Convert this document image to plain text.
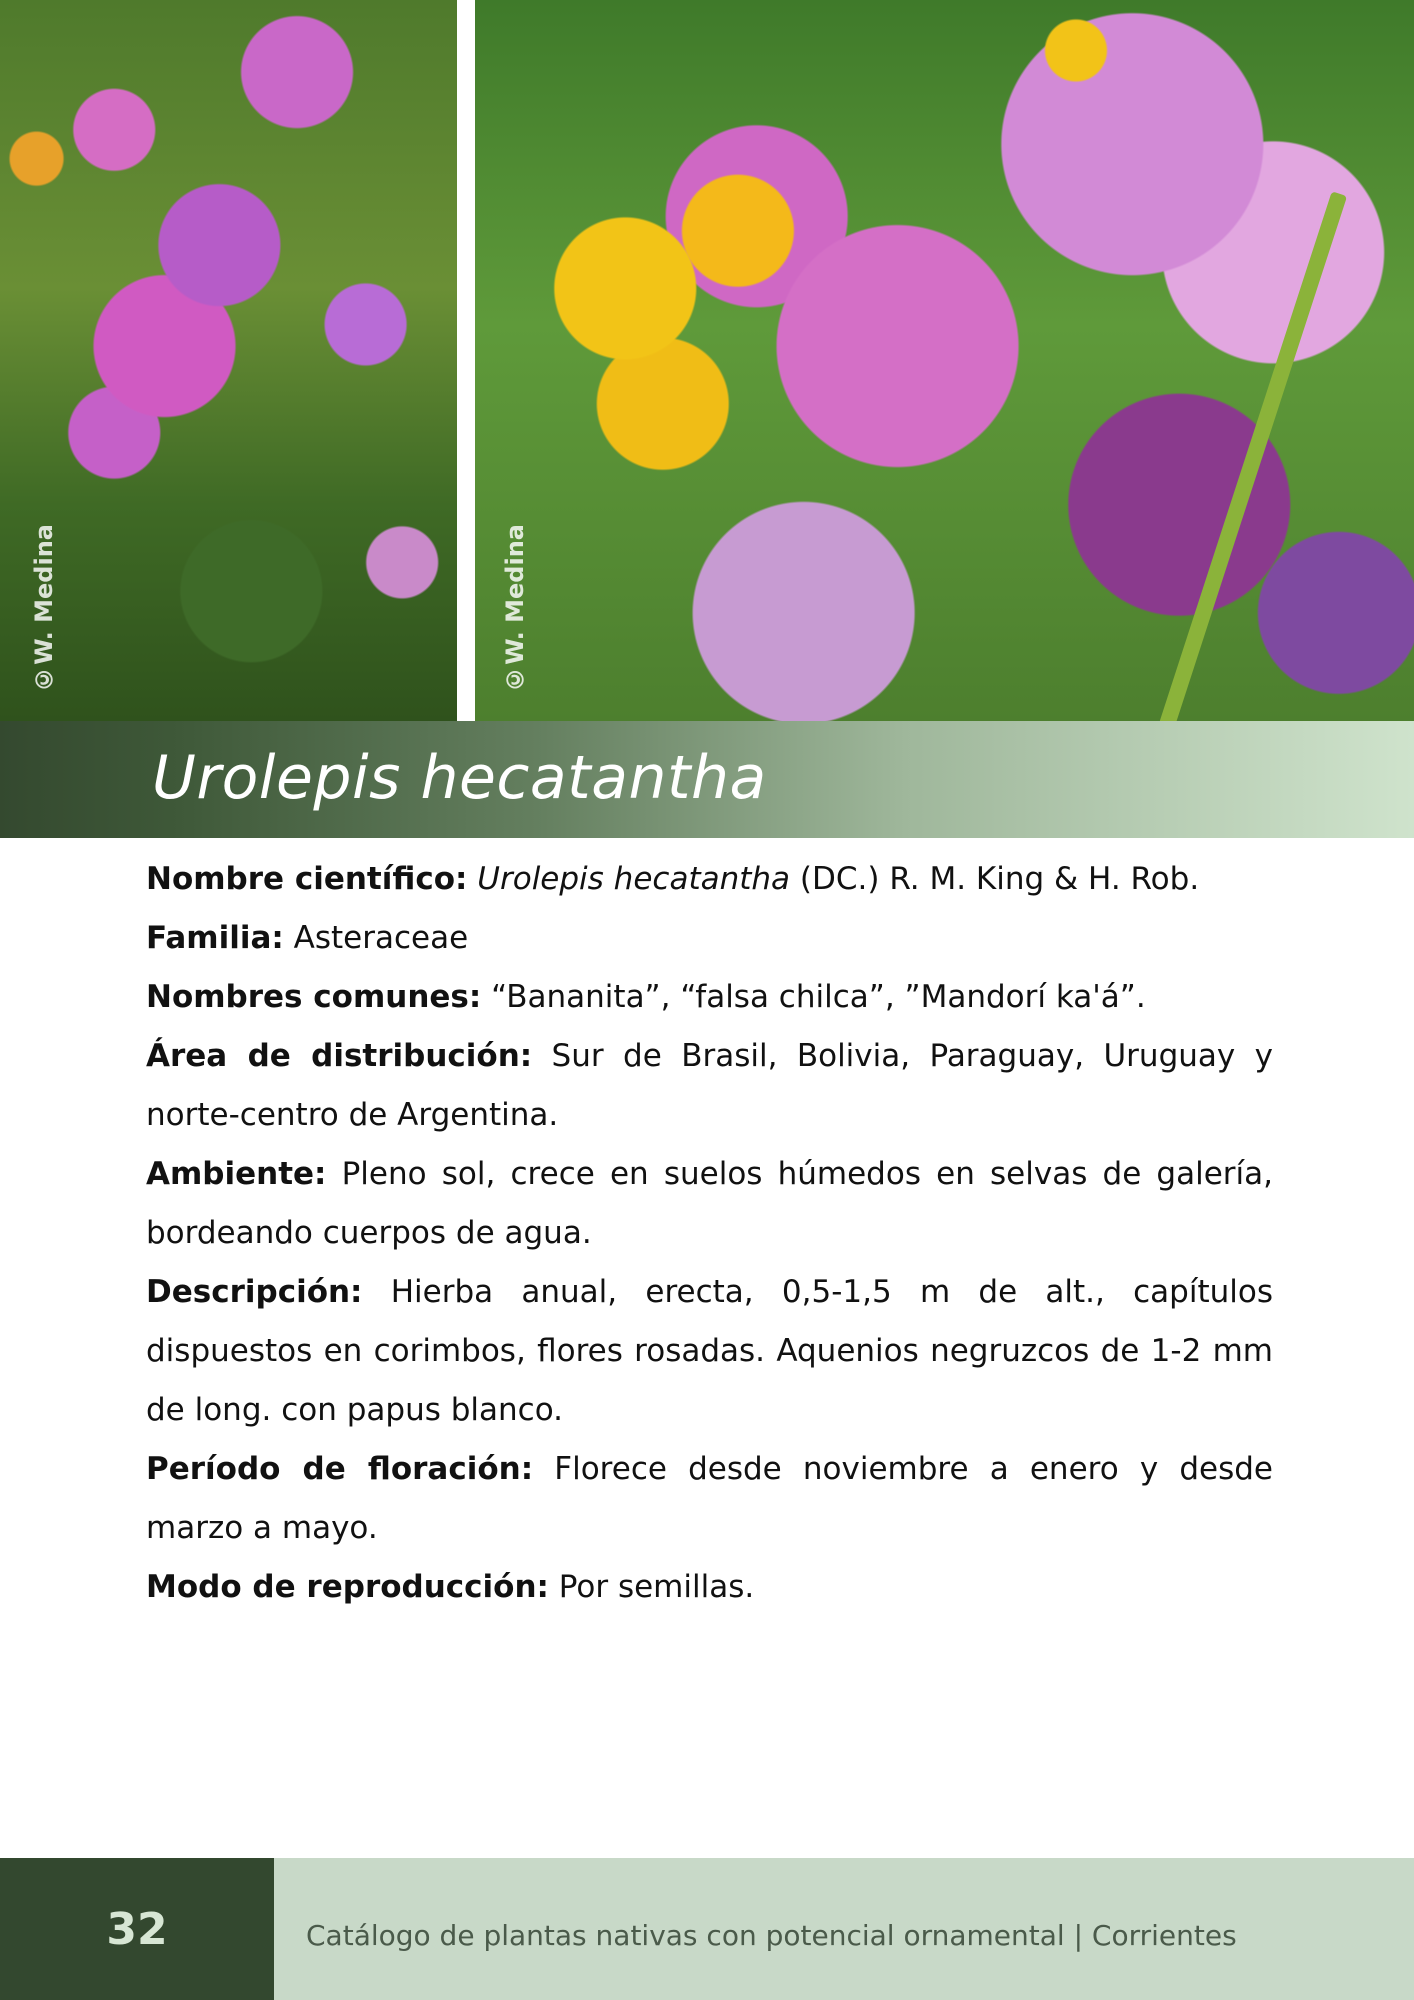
©W. Medina	©W. Medina
Urolepis hecatantha

Nombre científico: Urolepis hecatantha (DC.) R. M. King & H. Rob.

Familia: Asteraceae

Nombres comunes: “Bananita”, “falsa chilca”, ”Mandorí ka'á”.

Área de distribución: Sur de Brasil, Bolivia, Paraguay, Uruguay y norte-centro de Argentina.

Ambiente: Pleno sol, crece en suelos húmedos en selvas de galería, bordeando cuerpos de agua.

Descripción: Hierba anual, erecta, 0,5-1,5 m de alt., capítulos dispuestos en corimbos, flores rosadas. Aquenios negruzcos de 1-2 mm de long. con papus blanco.

Período de floración: Florece desde noviembre a enero y desde marzo a mayo.

Modo de reproducción: Por semillas.

32	Catálogo de plantas nativas con potencial ornamental | Corrientes
